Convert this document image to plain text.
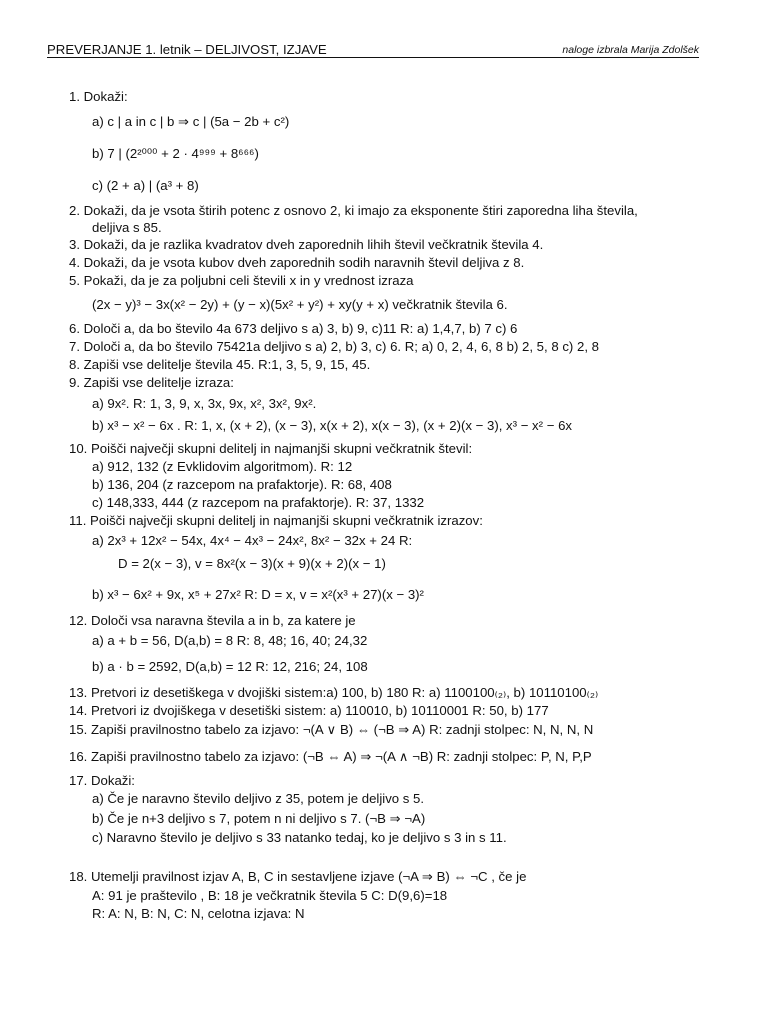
PREVERJANJE 1. letnik – DELJIVOST, IZJAVE	naloge izbrala Marija Zdolšek
1. Dokaži:
a) c | a in c | b ⇒ c | (5a − 2b + c²)
b) 7 | (2²⁰⁰⁰ + 2 · 4⁹⁹⁹ + 8⁶⁶⁶)
c) (2 + a) | (a³ + 8)
2. Dokaži, da je vsota štirih potenc z osnovo 2, ki imajo za eksponente štiri zaporedna liha števila,
deljiva s 85.
3. Dokaži, da je razlika kvadratov dveh zaporednih lihih števil večkratnik števila 4.
4. Dokaži, da je vsota kubov dveh zaporednih sodih naravnih števil deljiva z 8.
5. Pokaži, da je za poljubni celi števili x in y vrednost izraza
(2x − y)³ − 3x(x² − 2y) + (y − x)(5x² + y²) + xy(y + x) večkratnik števila 6.
6. Določi a, da bo število 4a 673 deljivo s a) 3, b) 9, c)11 R: a) 1,4,7, b) 7 c) 6
7. Določi a, da bo število 75421a deljivo s a) 2, b) 3, c) 6. R; a) 0, 2, 4, 6, 8 b) 2, 5, 8 c) 2, 8
8. Zapiši vse delitelje števila 45. R:1, 3, 5, 9, 15, 45.
9. Zapiši vse delitelje izraza:
a) 9x². R: 1, 3, 9, x, 3x, 9x, x², 3x², 9x².
b) x³ − x² − 6x . R: 1, x, (x + 2), (x − 3), x(x + 2), x(x − 3), (x + 2)(x − 3), x³ − x² − 6x
10. Poišči največji skupni delitelj in najmanjši skupni večkratnik števil:
a) 912, 132 (z Evklidovim algoritmom). R: 12
b) 136, 204 (z razcepom na prafaktorje). R: 68, 408
c) 148,333, 444 (z razcepom na prafaktorje). R: 37, 1332
11. Poišči največji skupni delitelj in najmanjši skupni večkratnik izrazov:
a) 2x³ + 12x² − 54x, 4x⁴ − 4x³ − 24x², 8x² − 32x + 24 R:
D = 2(x − 3), v = 8x²(x − 3)(x + 9)(x + 2)(x − 1)
b) x³ − 6x² + 9x, x⁵ + 27x² R: D = x, v = x²(x³ + 27)(x − 3)²
12. Določi vsa naravna števila a in b, za katere je
a) a + b = 56, D(a,b) = 8 R: 8, 48; 16, 40; 24,32
b) a · b = 2592, D(a,b) = 12 R: 12, 216; 24, 108
13. Pretvori iz desetiškega v dvojiški sistem:a) 100, b) 180 R: a) 1100100₍₂₎, b) 10110100₍₂₎
14. Pretvori iz dvojiškega v desetiški sistem: a) 110010, b) 10110001 R: 50, b) 177
15. Zapiši pravilnostno tabelo za izjavo: ¬(A ∨ B) ⇔ (¬B ⇒ A) R: zadnji stolpec: N, N, N, N
16. Zapiši pravilnostno tabelo za izjavo: (¬B ⇔ A) ⇒ ¬(A ∧ ¬B) R: zadnji stolpec: P, N, P,P
17. Dokaži:
a) Če je naravno število deljivo z 35, potem je deljivo s 5.
b) Če je n+3 deljivo s 7, potem n ni deljivo s 7. (¬B ⇒ ¬A)
c) Naravno število je deljivo s 33 natanko tedaj, ko je deljivo s 3 in s 11.
18. Utemelji pravilnost izjav A, B, C in sestavljene izjave (¬A ⇒ B) ⇔ ¬C , če je
A: 91 je praštevilo , B: 18 je večkratnik števila 5 C: D(9,6)=18
R: A: N, B: N, C: N, celotna izjava: N
